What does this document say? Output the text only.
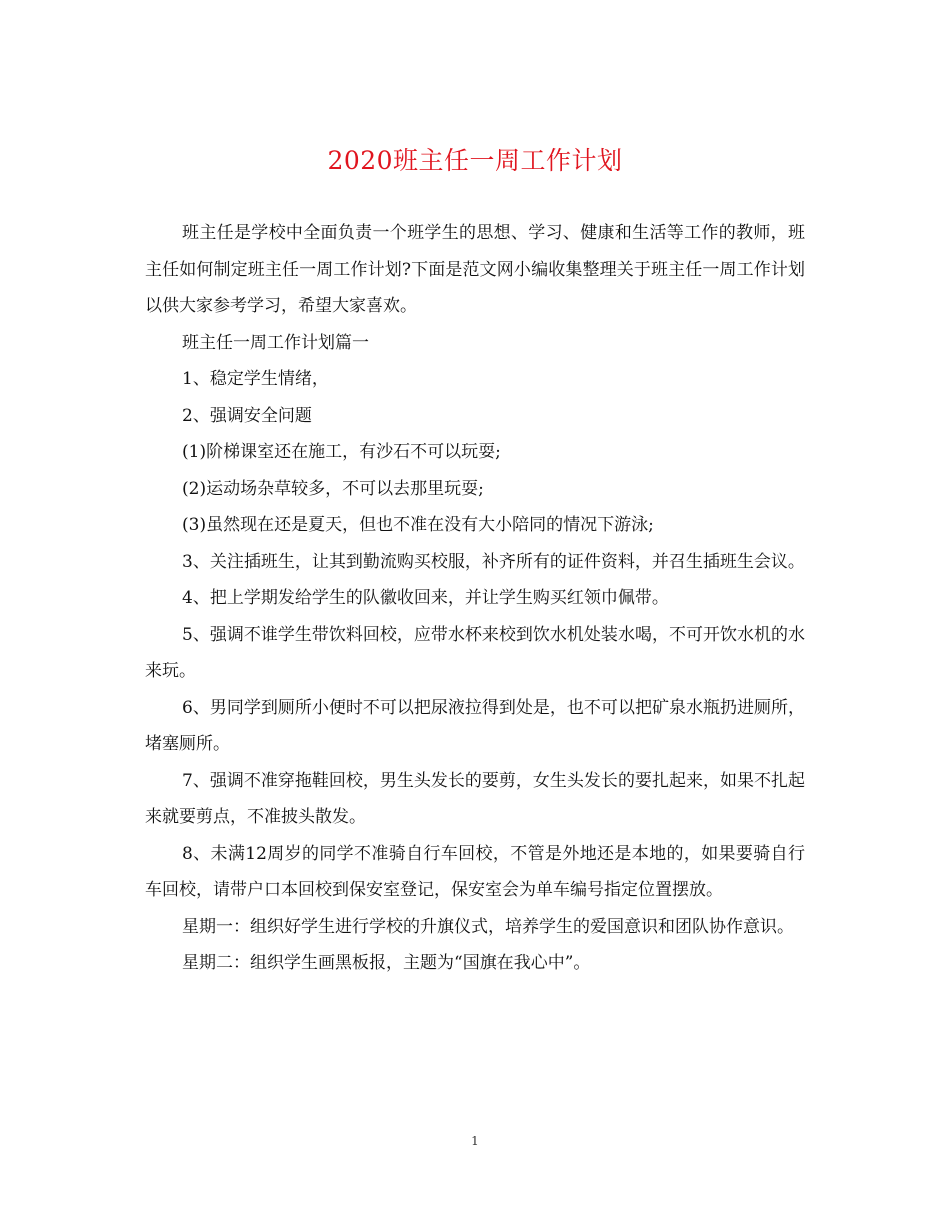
2020班主任一周工作计划

班主任是学校中全面负责一个班学生的思想、学习、健康和生活等工作的教师，班主任如何制定班主任一周工作计划?下面是范文网小编收集整理关于班主任一周工作计划以供大家参考学习，希望大家喜欢。

班主任一周工作计划篇一

1、稳定学生情绪，

2、强调安全问题

(1)阶梯课室还在施工，有沙石不可以玩耍;

(2)运动场杂草较多，不可以去那里玩耍;

(3)虽然现在还是夏天，但也不准在没有大小陪同的情况下游泳;

3、关注插班生，让其到勤流购买校服，补齐所有的证件资料，并召生插班生会议。

4、把上学期发给学生的队徽收回来，并让学生购买红领巾佩带。

5、强调不谁学生带饮料回校，应带水杯来校到饮水机处装水喝，不可开饮水机的水来玩。

6、男同学到厕所小便时不可以把尿液拉得到处是，也不可以把矿泉水瓶扔进厕所，堵塞厕所。

7、强调不准穿拖鞋回校，男生头发长的要剪，女生头发长的要扎起来，如果不扎起来就要剪点，不准披头散发。

8、未满12周岁的同学不准骑自行车回校，不管是外地还是本地的，如果要骑自行车回校，请带户口本回校到保安室登记，保安室会为单车编号指定位置摆放。

星期一：组织好学生进行学校的升旗仪式，培养学生的爱国意识和团队协作意识。

星期二：组织学生画黑板报，主题为“国旗在我心中”。

1
